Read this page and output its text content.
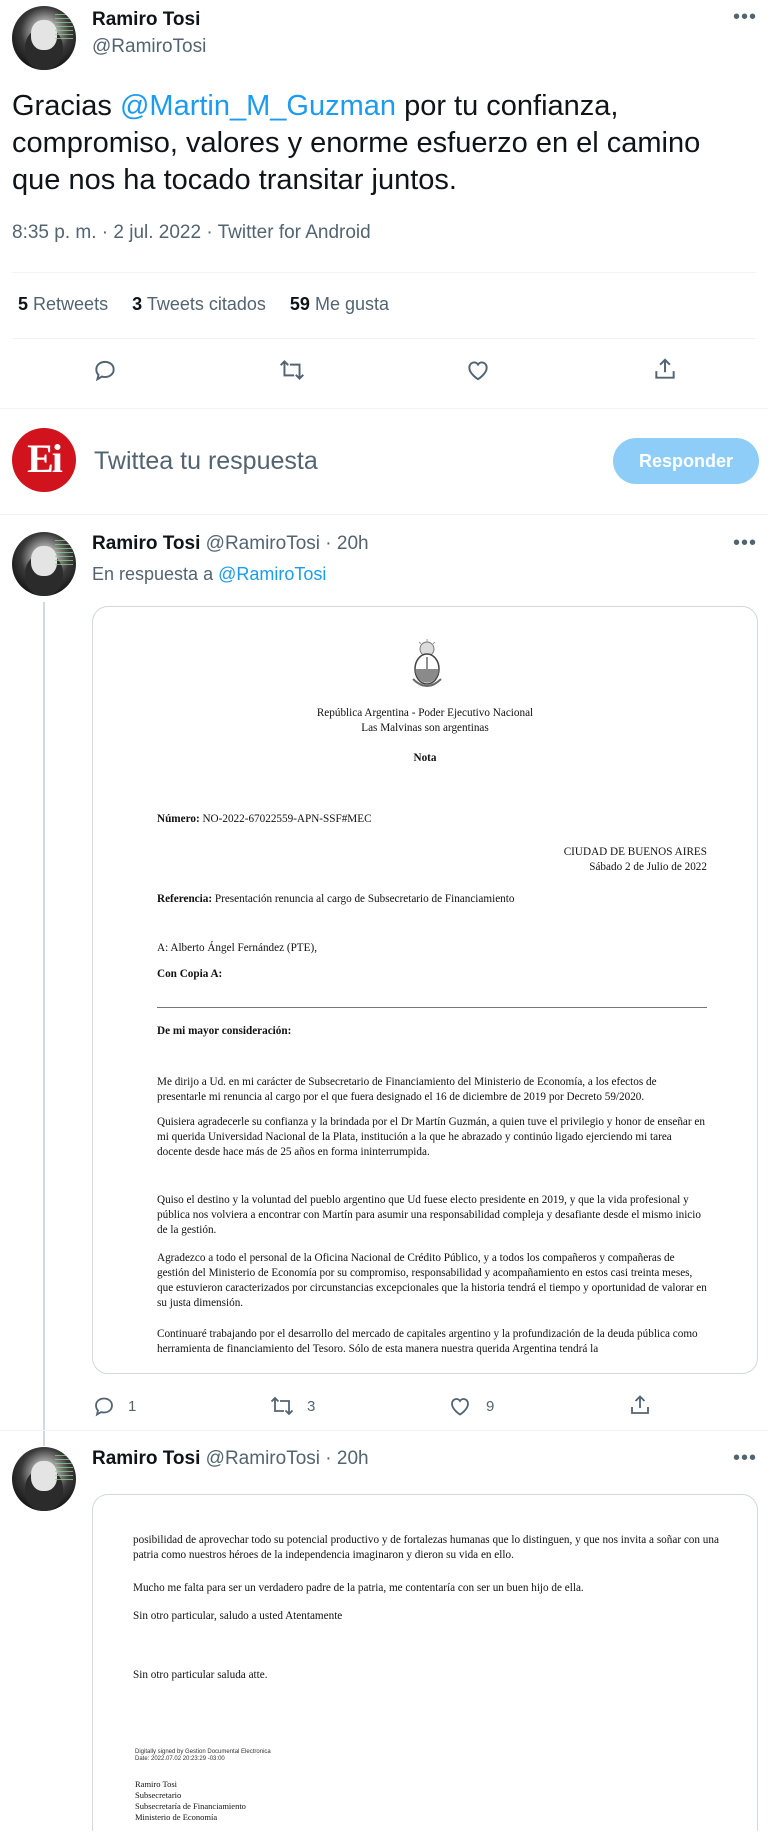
Ramiro Tosi
@RamiroTosi
•••
Gracias @Martin_M_Guzman por tu confianza, compromiso, valores y enorme esfuerzo en el camino que nos ha tocado transitar juntos.
8:35 p. m. · 2 jul. 2022 · Twitter for Android
5 Retweets 3 Tweets citados 59 Me gusta
Ei	Twittea tu respuesta	Responder
Ramiro Tosi @RamiroTosi · 20h	•••
En respuesta a @RamiroTosi
República Argentina - Poder Ejecutivo Nacional
Las Malvinas son argentinas
Nota
Número: NO-2022-67022559-APN-SSF#MEC
CIUDAD DE BUENOS AIRES
Sábado 2 de Julio de 2022
Referencia: Presentación renuncia al cargo de Subsecretario de Financiamiento
A: Alberto Ángel Fernández (PTE),
Con Copia A:
De mi mayor consideración:
Me dirijo a Ud. en mi carácter de Subsecretario de Financiamiento del Ministerio de Economía, a los efectos de presentarle mi renuncia al cargo por el que fuera designado el 16 de diciembre de 2019 por Decreto 59/2020.
Quisiera agradecerle su confianza y la brindada por el Dr Martín Guzmán, a quien tuve el privilegio y honor de enseñar en mi querida Universidad Nacional de la Plata, institución a la que he abrazado y continúo ligado ejerciendo mi tarea docente desde hace más de 25 años en forma ininterrumpida.
Quiso el destino y la voluntad del pueblo argentino que Ud fuese electo presidente en 2019, y que la vida profesional y pública nos volviera a encontrar con Martín para asumir una responsabilidad compleja y desafiante desde el mismo inicio de la gestión.
Agradezco a todo el personal de la Oficina Nacional de Crédito Público, y a todos los compañeros y compañeras de gestión del Ministerio de Economía por su compromiso, responsabilidad y acompañamiento en estos casi treinta meses, que estuvieron caracterizados por circunstancias excepcionales que la historia tendrá el tiempo y oportunidad de valorar en su justa dimensión.
Continuaré trabajando por el desarrollo del mercado de capitales argentino y la profundización de la deuda pública como herramienta de financiamiento del Tesoro. Sólo de esta manera nuestra querida Argentina tendrá la
1	3	9
Ramiro Tosi @RamiroTosi · 20h	•••
posibilidad de aprovechar todo su potencial productivo y de fortalezas humanas que lo distinguen, y que nos invita a soñar con una patria como nuestros héroes de la independencia imaginaron y dieron su vida en ello.
Mucho me falta para ser un verdadero padre de la patria, me contentaría con ser un buen hijo de ella.
Sin otro particular, saludo a usted Atentamente
Sin otro particular saluda atte.
Digitally signed by Gestion Documental Electronica
Date: 2022.07.02 20:23:29 -03:00
Ramiro Tosi
Subsecretario
Subsecretaría de Financiamiento
Ministerio de Economía
